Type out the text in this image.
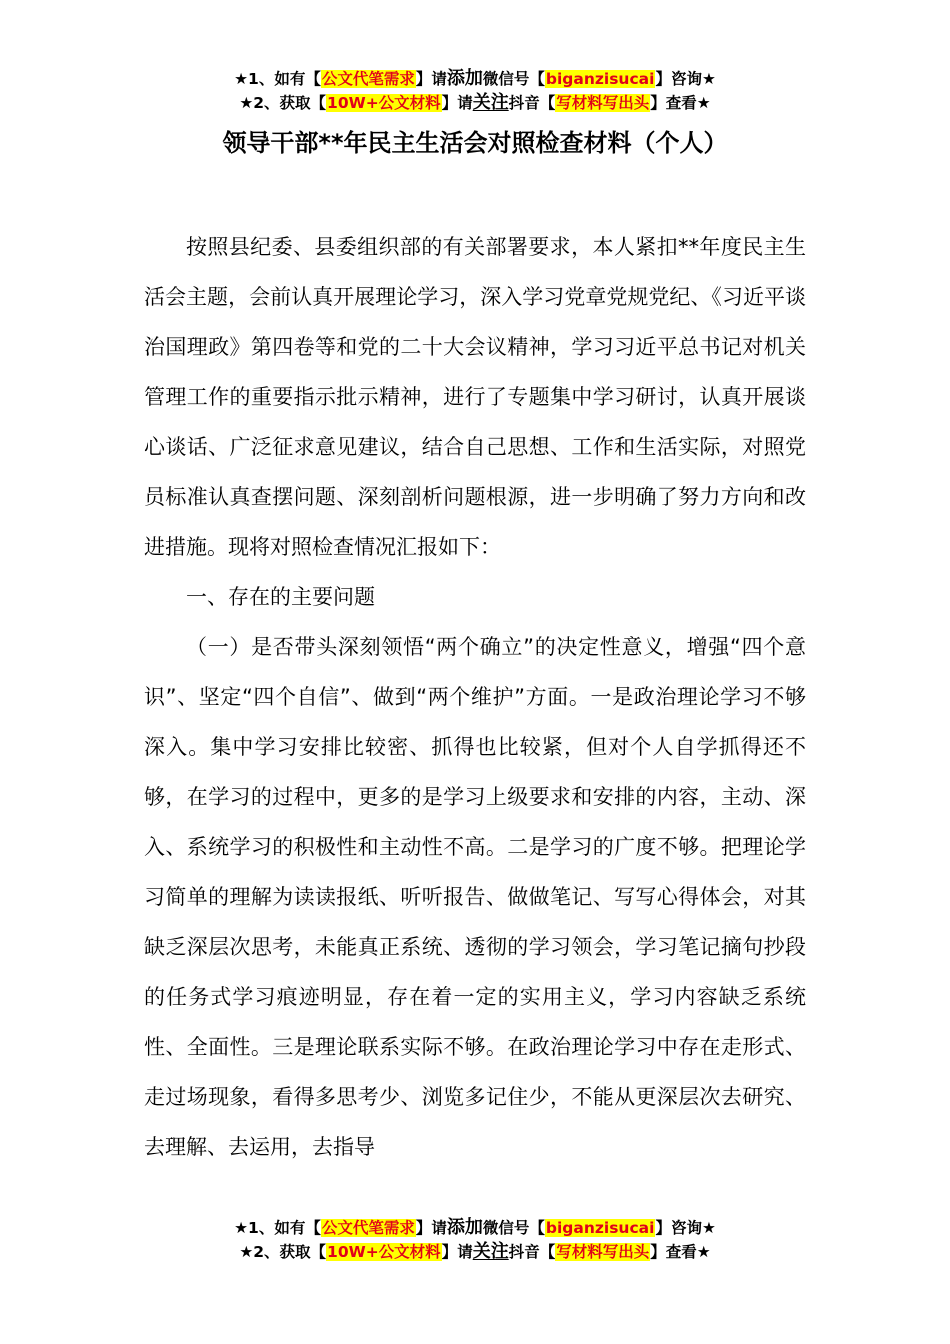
★1、如有【公文代笔需求】请添加微信号【biganzisucai】咨询★
★2、获取【10W+公文材料】请关注抖音【写材料写出头】查看★
领导干部**年民主生活会对照检查材料（个人）

按照县纪委、县委组织部的有关部署要求，本人紧扣**年度民主生活会主题，会前认真开展理论学习，深入学习党章党规党纪、《习近平谈治国理政》第四卷等和党的二十大会议精神，学习习近平总书记对机关管理工作的重要指示批示精神，进行了专题集中学习研讨，认真开展谈心谈话、广泛征求意见建议，结合自己思想、工作和生活实际，对照党员标准认真查摆问题、深刻剖析问题根源，进一步明确了努力方向和改进措施。现将对照检查情况汇报如下：

一、存在的主要问题

（一）是否带头深刻领悟“两个确立”的决定性意义，增强“四个意识”、坚定“四个自信”、做到“两个维护”方面。一是政治理论学习不够深入。集中学习安排比较密、抓得也比较紧，但对个人自学抓得还不够，在学习的过程中，更多的是学习上级要求和安排的内容，主动、深入、系统学习的积极性和主动性不高。二是学习的广度不够。把理论学习简单的理解为读读报纸、听听报告、做做笔记、写写心得体会，对其缺乏深层次思考，未能真正系统、透彻的学习领会，学习笔记摘句抄段的任务式学习痕迹明显，存在着一定的实用主义，学习内容缺乏系统性、全面性。三是理论联系实际不够。在政治理论学习中存在走形式、走过场现象，看得多思考少、浏览多记住少，不能从更深层次去研究、去理解、去运用，去指导

★1、如有【公文代笔需求】请添加微信号【biganzisucai】咨询★
★2、获取【10W+公文材料】请关注抖音【写材料写出头】查看★
